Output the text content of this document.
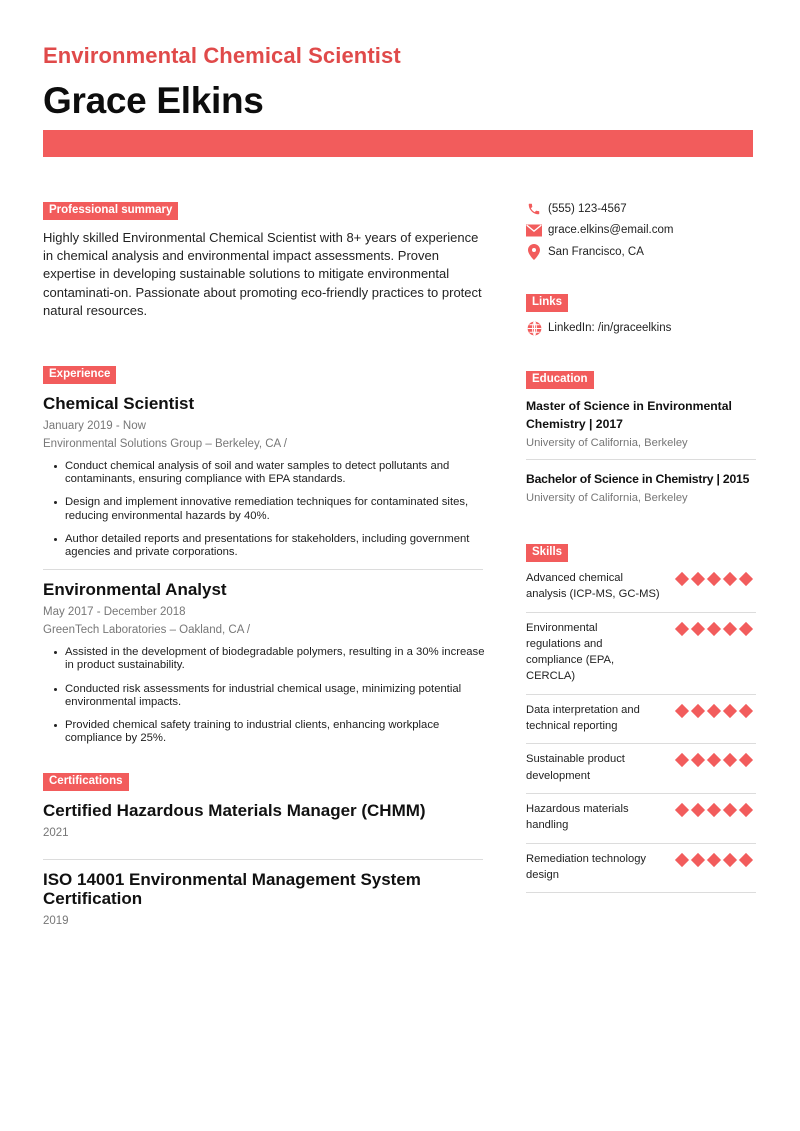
Environmental Chemical Scientist
Grace Elkins
Professional summary

Highly skilled Environmental Chemical Scientist with 8+ years of experience in chemical analysis and environmental impact assessments. Proven expertise in developing sustainable solutions to mitigate environmental contaminati-on. Passionate about promoting eco-friendly practices to protect natural resources.

Experience
Chemical Scientist
January 2019 - Now
Environmental Solutions Group – Berkeley, CA /
Conduct chemical analysis of soil and water samples to detect pollutants and contaminants, ensuring compliance with EPA standards.
Design and implement innovative remediation techniques for contaminated sites, reducing environmental hazards by 40%.
Author detailed reports and presentations for stakeholders, including government agencies and private corporations.
Environmental Analyst
May 2017 - December 2018
GreenTech Laboratories – Oakland, CA /
Assisted in the development of biodegradable polymers, resulting in a 30% increase in product sustainability.
Conducted risk assessments for industrial chemical usage, minimizing potential environmental impacts.
Provided chemical safety training to industrial clients, enhancing workplace compliance by 25%.
Certifications
Certified Hazardous Materials Manager (CHMM)
2021
ISO 14001 Environmental Management System Certification
2019
(555) 123-4567
grace.elkins@email.com
San Francisco, CA
Links
LinkedIn: /in/graceelkins
Education
Master of Science in Environmental Chemistry | 2017
University of California, Berkeley
Bachelor of Science in Chemistry | 2015
University of California, Berkeley
Skills
Advanced chemical analysis (ICP-MS, GC-MS)
Environmental regulations and compliance (EPA, CERCLA)
Data interpretation and technical reporting
Sustainable product development
Hazardous materials handling
Remediation technology design
